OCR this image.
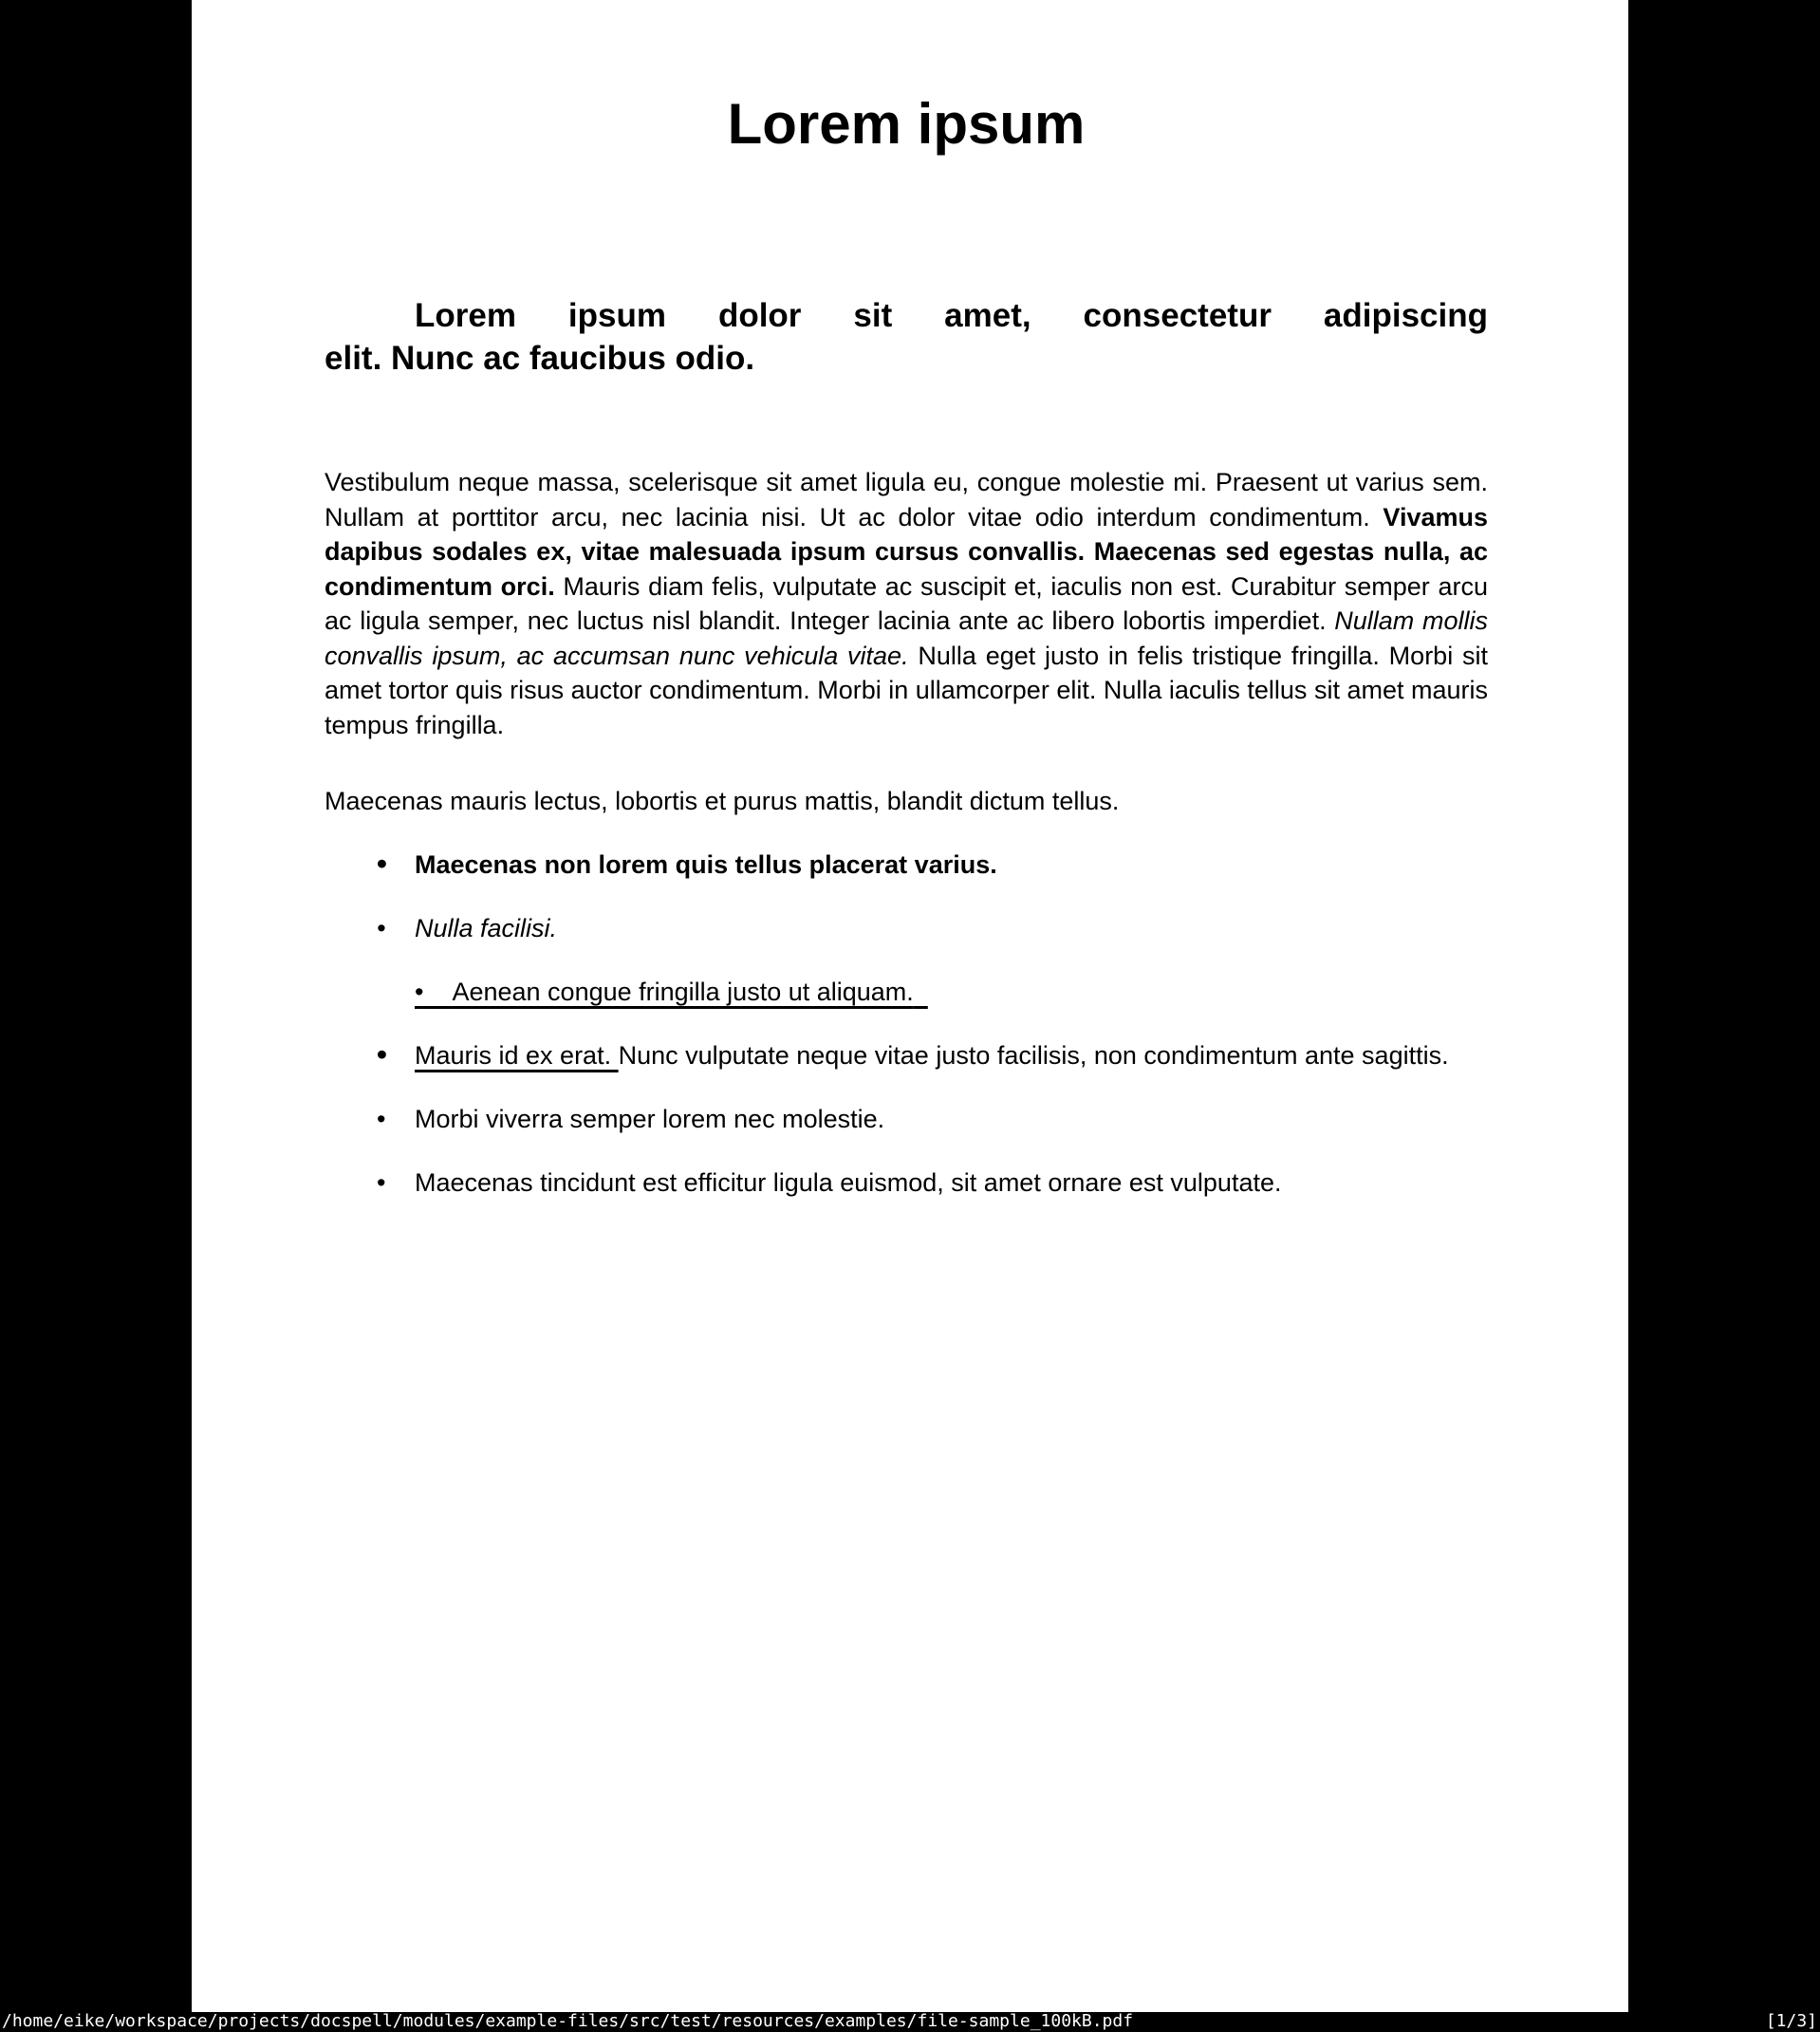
Lorem ipsum
Lorem ipsum dolor sit amet, consectetur adipiscing
elit. Nunc ac faucibus odio.

Vestibulum neque massa, scelerisque sit amet ligula eu, congue molestie mi. Praesent ut varius sem. Nullam at porttitor arcu, nec lacinia nisi. Ut ac dolor vitae odio interdum condimentum. Vivamus dapibus sodales ex, vitae malesuada ipsum cursus convallis. Maecenas sed egestas nulla, ac condimentum orci. Mauris diam felis, vulputate ac suscipit et, iaculis non est. Curabitur semper arcu ac ligula semper, nec luctus nisl blandit. Integer lacinia ante ac libero lobortis imperdiet. Nullam mollis convallis ipsum, ac accumsan nunc vehicula vitae. Nulla eget justo in felis tristique fringilla. Morbi sit amet tortor quis risus auctor condimentum. Morbi in ullamcorper elit. Nulla iaculis tellus sit amet mauris tempus fringilla.

Maecenas mauris lectus, lobortis et purus mattis, blandit dictum tellus.

• Maecenas non lorem quis tellus placerat varius.
• Nulla facilisi.
• Aenean congue fringilla justo ut aliquam.
• Mauris id ex erat. Nunc vulputate neque vitae justo facilisis, non condimentum ante sagittis.
• Morbi viverra semper lorem nec molestie.
• Maecenas tincidunt est efficitur ligula euismod, sit amet ornare est vulputate.
/home/eike/workspace/projects/docspell/modules/example-files/src/test/resources/examples/file-sample_100kB.pdf	[1/3]
